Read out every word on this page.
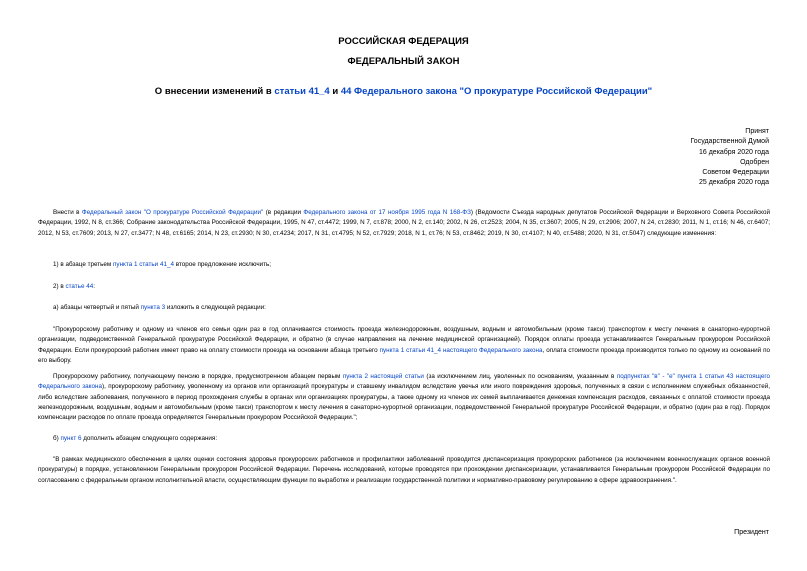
РОССИЙСКАЯ ФЕДЕРАЦИЯ
ФЕДЕРАЛЬНЫЙ ЗАКОН
О внесении изменений в статьи 41_4 и 44 Федерального закона "О прокуратуре Российской Федерации"
Принят
Государственной Думой
16 декабря 2020 года
Одобрен
Советом Федерации
25 декабря 2020 года
Внести в Федеральный закон "О прокуратуре Российской Федерации" (в редакции Федерального закона от 17 ноября 1995 года N 168-ФЗ) (Ведомости Съезда народных депутатов Российской Федерации и Верховного Совета Российской Федерации, 1992, N 8, ст.366; Собрание законодательства Российской Федерации, 1995, N 47, ст.4472; 1999, N 7, ст.878; 2000, N 2, ст.140; 2002, N 26, ст.2523; 2004, N 35, ст.3607; 2005, N 29, ст.2906; 2007, N 24, ст.2830; 2011, N 1, ст.16; N 46, ст.6407; 2012, N 53, ст.7609; 2013, N 27, ст.3477; N 48, ст.6165; 2014, N 23, ст.2930; N 30, ст.4234; 2017, N 31, ст.4795; N 52, ст.7929; 2018, N 1, ст.76; N 53, ст.8462; 2019, N 30, ст.4107; N 40, ст.5488; 2020, N 31, ст.5047) следующие изменения:
1) в абзаце третьем пункта 1 статьи 41_4 второе предложение исключить;
2) в статье 44:
а) абзацы четвертый и пятый пункта 3 изложить в следующей редакции:
"Прокурорскому работнику и одному из членов его семьи один раз в год оплачивается стоимость проезда железнодорожным, воздушным, водным и автомобильным (кроме такси) транспортом к месту лечения в санаторно-курортной организации, подведомственной Генеральной прокуратуре Российской Федерации, и обратно (в случае направления на лечение медицинской организацией). Порядок оплаты проезда устанавливается Генеральным прокурором Российской Федерации. Если прокурорский работник имеет право на оплату стоимости проезда на основании абзаца третьего пункта 1 статьи 41_4 настоящего Федерального закона, оплата стоимости проезда производится только по одному из оснований по его выбору.
Прокурорскому работнику, получающему пенсию в порядке, предусмотренном абзацем первым пункта 2 настоящей статьи (за исключением лиц, уволенных по основаниям, указанным в подпунктах "в" - "е" пункта 1 статьи 43 настоящего Федерального закона), прокурорскому работнику, уволенному из органов или организаций прокуратуры и ставшему инвалидом вследствие увечья или иного повреждения здоровья, полученных в связи с исполнением служебных обязанностей, либо вследствие заболевания, полученного в период прохождения службы в органах или организациях прокуратуры, а также одному из членов их семей выплачивается денежная компенсация расходов, связанных с оплатой стоимости проезда железнодорожным, воздушным, водным и автомобильным (кроме такси) транспортом к месту лечения в санаторно-курортной организации, подведомственной Генеральной прокуратуре Российской Федерации, и обратно (один раз в год). Порядок компенсации расходов по оплате проезда определяется Генеральным прокурором Российской Федерации.";
б) пункт 6 дополнить абзацем следующего содержания:
"В рамках медицинского обеспечения в целях оценки состояния здоровья прокурорских работников и профилактики заболеваний проводится диспансеризация прокурорских работников (за исключением военнослужащих органов военной прокуратуры) в порядке, установленном Генеральным прокурором Российской Федерации. Перечень исследований, которые проводятся при прохождении диспансеризации, устанавливается Генеральным прокурором Российской Федерации по согласованию с федеральным органом исполнительной власти, осуществляющим функции по выработке и реализации государственной политики и нормативно-правовому регулированию в сфере здравоохранения.".
Президент
